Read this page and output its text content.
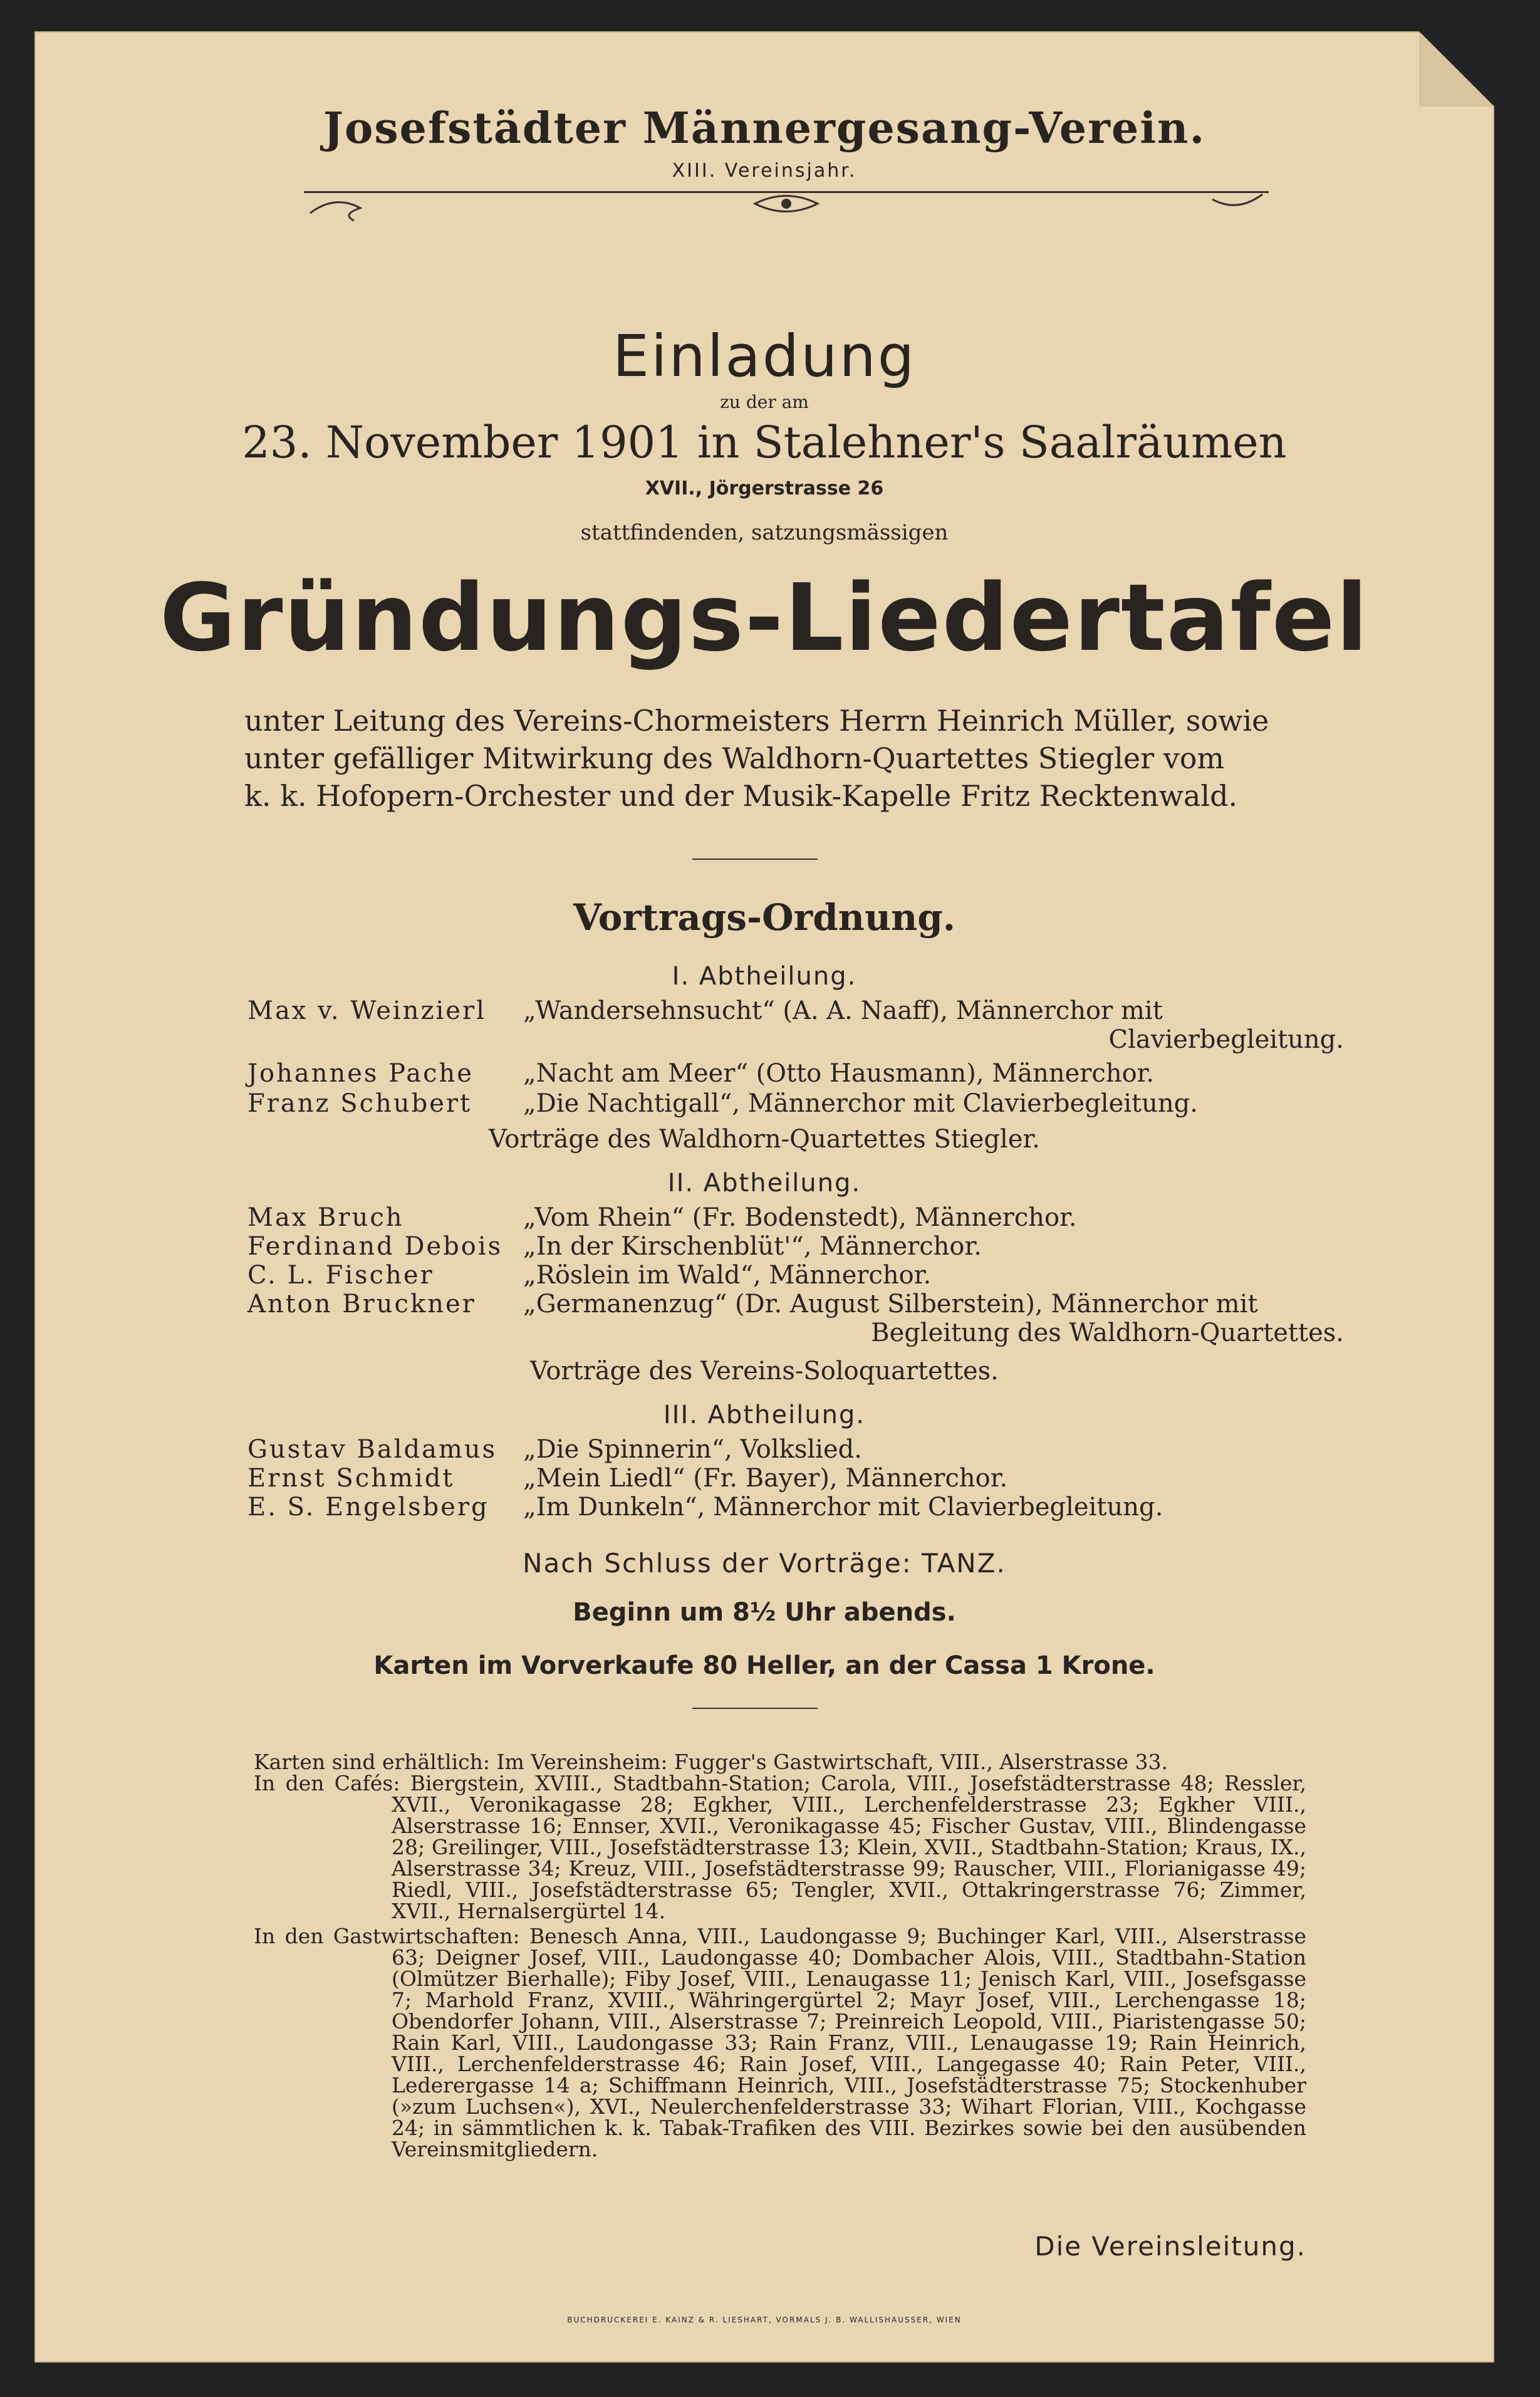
Josefstädter Männergesang-Verein.
XIII. Vereinsjahr.
Einladung
zu der am
23. November 1901 in Stalehner's Saalräumen
XVII., Jörgerstrasse 26
stattfindenden, satzungsmässigen
Gründungs-Liedertafel
unter Leitung des Vereins-Chormeisters Herrn Heinrich Müller, sowie
unter gefälliger Mitwirkung des Waldhorn-Quartettes Stiegler vom
k. k. Hofopern-Orchester und der Musik-Kapelle Fritz Recktenwald.
Vortrags-Ordnung.
I. Abtheilung.
Max v. Weinzierl	„Wandersehnsucht“ (A. A. Naaff), Männerchor mit
Clavierbegleitung.
Johannes Pache	„Nacht am Meer“ (Otto Hausmann), Männerchor.
Franz Schubert	„Die Nachtigall“, Männerchor mit Clavierbegleitung.
Vorträge des Waldhorn-Quartettes Stiegler.
II. Abtheilung.
Max Bruch	„Vom Rhein“ (Fr. Bodenstedt), Männerchor.
Ferdinand Debois „In der Kirschenblüt'“, Männerchor.
C. L. Fischer	„Röslein im Wald“, Männerchor.
Anton Bruckner	„Germanenzug“ (Dr. August Silberstein), Männerchor mit
Begleitung des Waldhorn-Quartettes.
Vorträge des Vereins-Soloquartettes.
III. Abtheilung.
Gustav Baldamus	„Die Spinnerin“, Volkslied.
Ernst Schmidt	„Mein Liedl“ (Fr. Bayer), Männerchor.
E. S. Engelsberg	„Im Dunkeln“, Männerchor mit Clavierbegleitung.
Nach Schluss der Vorträge: TANZ.
Beginn um 8½ Uhr abends.
Karten im Vorverkaufe 80 Heller, an der Cassa 1 Krone.

Karten sind erhältlich: Im Vereinsheim: Fugger's Gastwirtschaft, VIII., Alserstrasse 33.

In den Cafés: Biergstein, XVIII., Stadtbahn-Station; Carola, VIII., Josefstädterstrasse 48; Ressler, XVII., Veronikagasse 28; Egkher, VIII., Lerchenfelderstrasse 23; Egkher VIII., Alserstrasse 16; Ennser, XVII., Veronikagasse 45; Fischer Gustav, VIII., Blindengasse 28; Greilinger, VIII., Josefstädterstrasse 13; Klein, XVII., Stadtbahn-Station; Kraus, IX., Alserstrasse 34; Kreuz, VIII., Josefstädterstrasse 99; Rauscher, VIII., Florianigasse 49; Riedl, VIII., Josefstädterstrasse 65; Tengler, XVII., Ottakringerstrasse 76; Zimmer, XVII., Hernalsergürtel 14.

In den Gastwirtschaften: Benesch Anna, VIII., Laudongasse 9; Buchinger Karl, VIII., Alserstrasse 63; Deigner Josef, VIII., Laudongasse 40; Dombacher Alois, VIII., Stadtbahn-Station (Olmützer Bierhalle); Fiby Josef, VIII., Lenaugasse 11; Jenisch Karl, VIII., Josefsgasse 7; Marhold Franz, XVIII., Währingergürtel 2; Mayr Josef, VIII., Lerchengasse 18; Obendorfer Johann, VIII., Alserstrasse 7; Preinreich Leopold, VIII., Piaristengasse 50; Rain Karl, VIII., Laudongasse 33; Rain Franz, VIII., Lenaugasse 19; Rain Heinrich, VIII., Lerchenfelderstrasse 46; Rain Josef, VIII., Langegasse 40; Rain Peter, VIII., Lederergasse 14 a; Schiffmann Heinrich, VIII., Josefstädterstrasse 75; Stockenhuber (»zum Luchsen«), XVI., Neulerchenfelderstrasse 33; Wihart Florian, VIII., Kochgasse 24; in sämmtlichen k. k. Tabak-Trafiken des VIII. Bezirkes sowie bei den ausübenden Vereinsmitgliedern.

Die Vereinsleitung.
BUCHDRUCKEREI E. KAINZ & R. LIESHART, VORMALS J. B. WALLISHAUSSER, WIEN
